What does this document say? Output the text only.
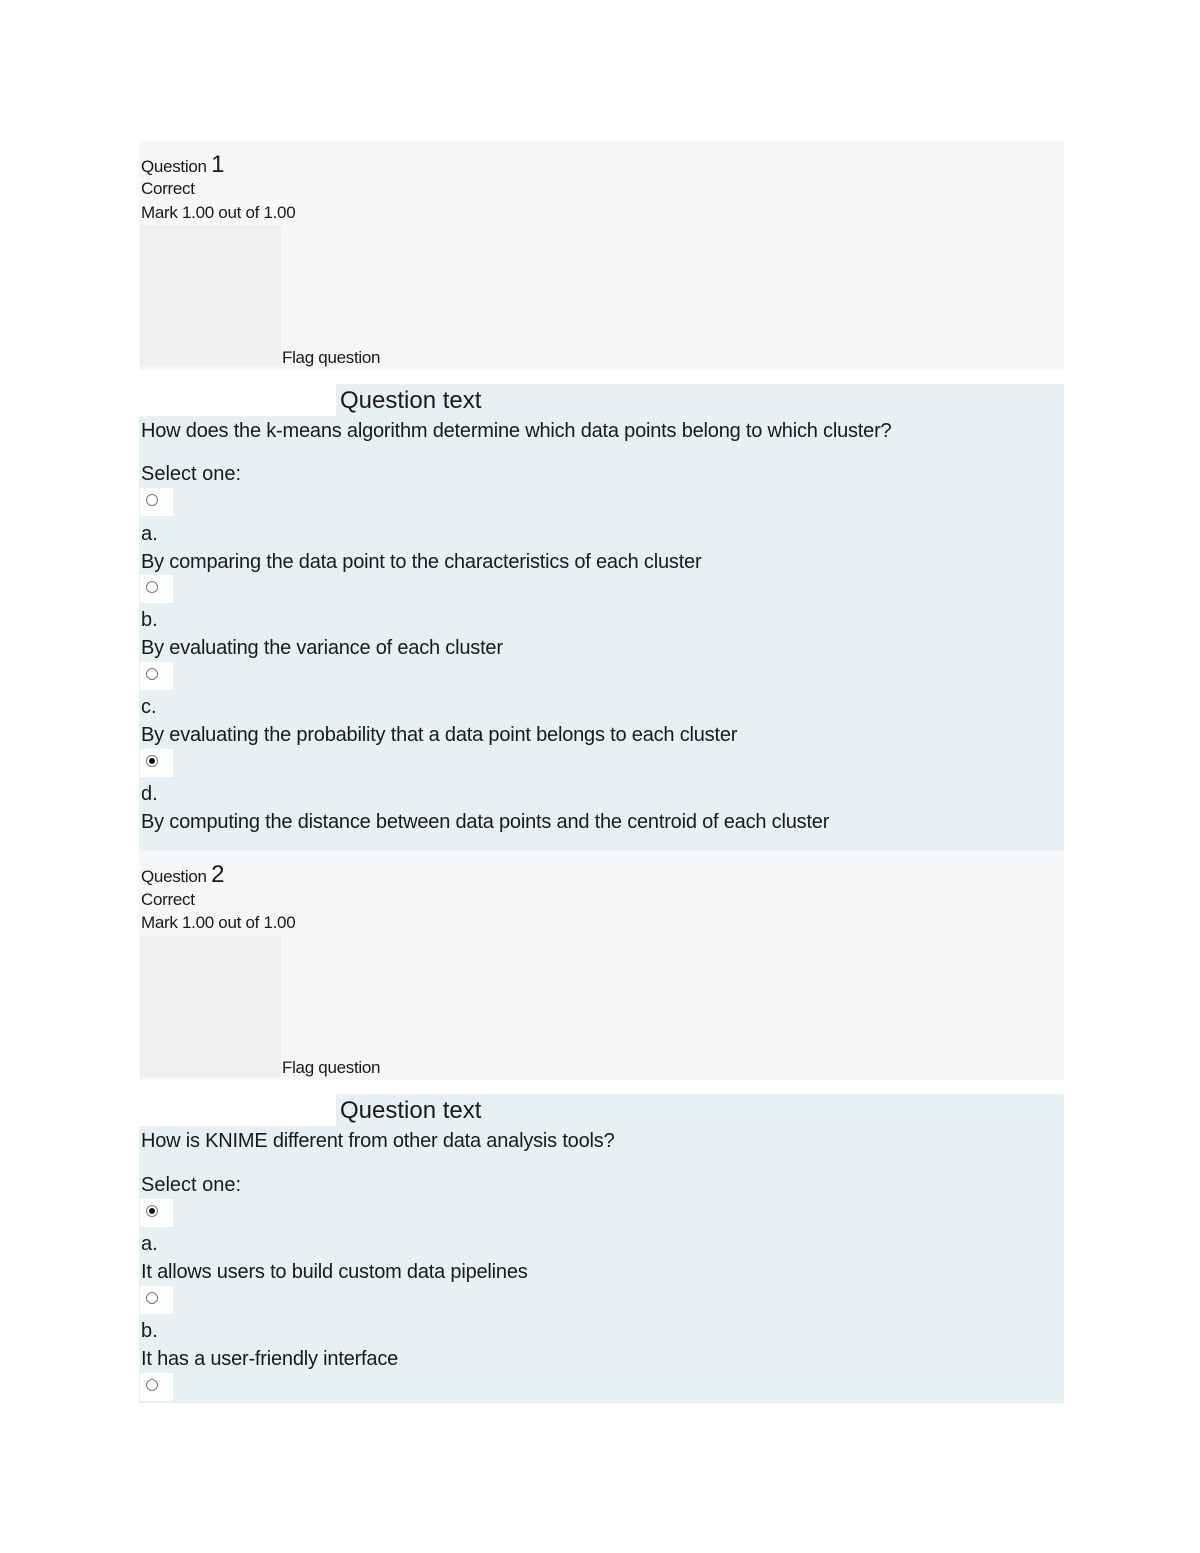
Question 1
Correct
Mark 1.00 out of 1.00
Flag question
How does the k-means algorithm determine which data points belong to which cluster?
Select one:
a.
By comparing the data point to the characteristics of each cluster
b.
By evaluating the variance of each cluster
c.
By evaluating the probability that a data point belongs to each cluster
d.
By computing the distance between data points and the centroid of each cluster
Question text
Question 2
Correct
Mark 1.00 out of 1.00
Flag question
How is KNIME different from other data analysis tools?
Select one:
a.
It allows users to build custom data pipelines
b.
It has a user-friendly interface
Question text
